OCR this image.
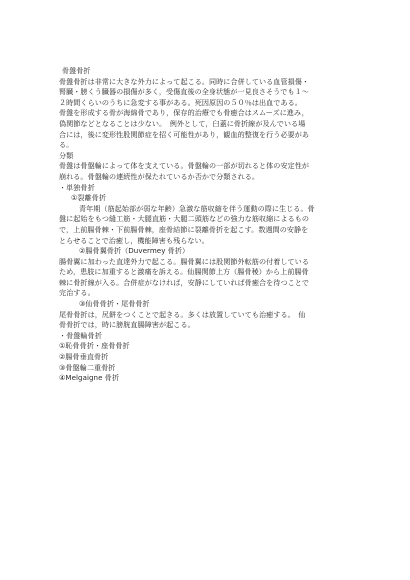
骨盤骨折

骨盤骨折は非常に大きな外力によって起こる。同時に合併している血管損傷・

腎臓・膀くう臓器の損傷が多く，受傷直後の全身状態が一見良さそうでも１～

２時間くらいのうちに急変する事がある。死因原因の５０％は出血である。

骨盤を形成する骨が海綿骨であり，保存的治療でも骨癒合はスムーズに進み，

偽関節などとなることは少ない。　例外として，臼蓋に骨折線が及んでいる場

合には，後に変形性股関節症を招く可能性があり，観血的整復を行う必要があ

る。

分類

骨盤は骨盤輪によって体を支えている。骨盤輪の一部が切れると体の安定性が

崩れる。骨盤輪の連続性が保たれているか否かで分類される。

・単独骨折

①裂離骨折

青年期（筋起始部が弱な年齢）急激な筋収縮を伴う運動の際に生じる。骨

盤に起始をもつ縫工筋・大腿直筋・大腿二頭筋などの強力な筋収縮によるもの

で，上前腸骨棘・下前腸骨棘，座骨結節に裂離骨折を起こす。数週間の安静を

とらせることで治癒し，機能障害も残らない。

②腸骨翼骨折（Duvermey 骨折）

腸骨翼に加わった直達外力で起こる。腸骨翼には股関節外転筋の付着している

ため，患肢に加重すると激痛を訴える。仙腸関節上方（腸骨稜）から上前腸骨

棘に骨折線が入る。合併症がなければ，安静にしていれば骨癒合を待つことで

完治する。

③仙骨骨折・尾骨骨折

尾骨骨折は，尻餅をつくことで起きる。多くは放置していても治癒する。　仙

骨骨折では，時に膀胱直腸障害が起こる。

・骨盤輪骨折

①恥骨骨折・座骨骨折

②腸骨垂直骨折

③骨盤輪二重骨折

④Melgaigne 骨折
